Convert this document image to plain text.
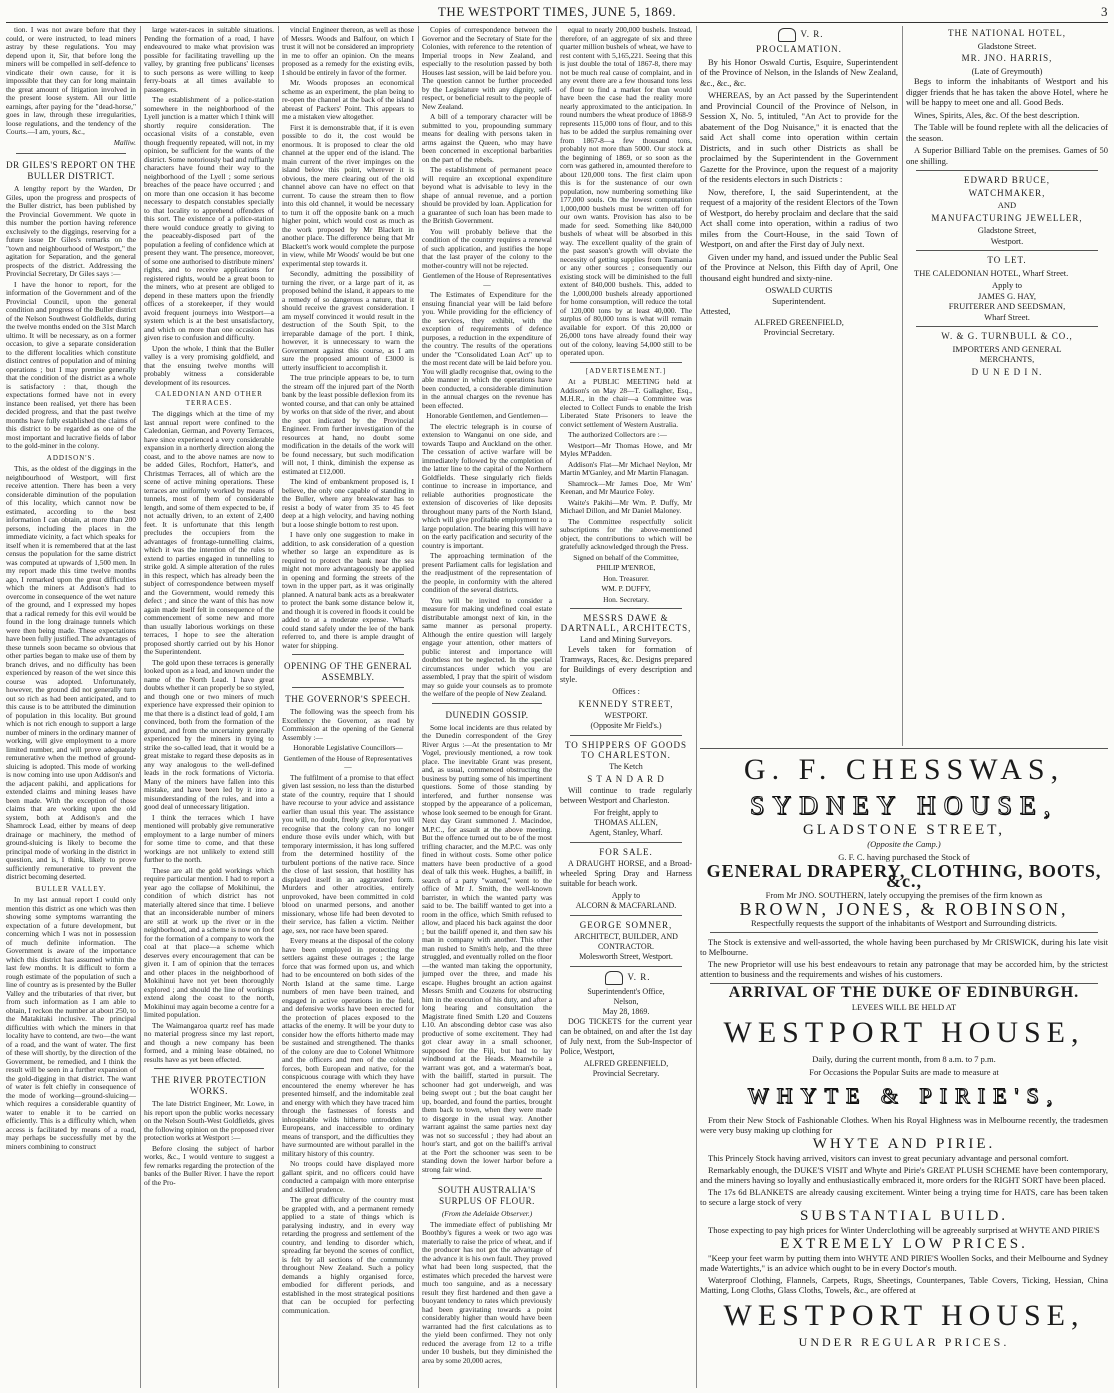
THE WESTPORT TIMES, JUNE 5, 1869.	3

tion. I was not aware before that they could, or were instructed, to lead miners astray by these regulations. You may depend upon it, Sir, that before long the miners will be compelled in self-defence to vindicate their own cause, for it is impossible that they can for long maintain the great amount of litigation involved in the present loose system. All our little earnings, after paying for the "dead-horse," goes in law, through these irregularities, loose regulations, and the tendency of the Courts.—I am, yours, &c.,

Malliw.
DR GILES'S REPORT ON THE BULLER DISTRICT.

A lengthy report by the Warden, Dr Giles, upon the progress and prospects of the Buller district, has been published by the Provincial Government. We quote in this number the portion having reference exclusively to the diggings, reserving for a future issue Dr Giles's remarks on the "town and neighbourhood of Westport," the agitation for Separation, and the general prospects of the district. Addressing the Provincial Secretary, Dr Giles says :—

I have the honor to report, for the information of the Government and of the Provincial Council, upon the general condition and progress of the Buller district of the Nelson Southwest Goldfields, during the twelve months ended on the 31st March ultimo. It will be necessary, as on a former occasion, to give a separate consideration to the different localities which constitute distinct centres of population and of mining operations ; but I may premise generally that the condition of the district as a whole is satisfactory : that, though the expectations formed have not in every instance been realised, yet there has been decided progress, and that the past twelve months have fully established the claims of this district to be regarded as one of the most important and lucrative fields of labor to the gold-miner in the colony.

ADDISON'S.

This, as the oldest of the diggings in the neighbourhood of Westport, will first receive attention. There has been a very considerable diminution of the population of this locality, which cannot now be estimated, according to the best information I can obtain, at more than 200 persons, including the places in the immediate vicinity, a fact which speaks for itself when it is remembered that at the last census the population for the same district was computed at upwards of 1,500 men. In my report made this time twelve months ago, I remarked upon the great difficulties which the miners at Addison's had to overcome in consequence of the wet nature of the ground, and I expressed my hopes that a radical remedy for this evil would be found in the long drainage tunnels which were then being made. These expectations have been fully justified. The advantages of these tunnels soon became so obvious that other parties began to make use of them by branch drives, and no difficulty has been experienced by reason of the wet since this course was adopted. Unfortunately, however, the ground did not generally turn out so rich as had been anticipated, and to this cause is to be attributed the diminution of population in this locality. But ground which is not rich enough to support a large number of miners in the ordinary manner of working, will give employment to a more limited number, and will prove adequately remunerative when the method of ground-sluicing is adopted. This mode of working is now coming into use upon Addison's and the adjacent pakihi, and applications for extended claims and mining leases have been made. With the exception of those claims that are working upon the old system, both at Addison's and the Shamrock Lead, either by means of deep drainage or machinery, the method of ground-sluicing is likely to become the principal mode of working in the district in question, and is, I think, likely to prove sufficiently remunerative to prevent the district becoming deserted.

BULLER VALLEY.

In my last annual report I could only mention this district as one which was then showing some symptoms warranting the expectation of a future development, but concerning which I was not in possession of much definite information. The Government is aware of the importance which this district has assumed within the last few months. It is difficult to form a rough estimate of the population of such a line of country as is presented by the Buller Valley and the tributaries of that river, but from such information as I am able to obtain, I reckon the number at about 250, to the Matakitaki inclusive. The principal difficulties with which the miners in that locality have to contend, are two—the want of a road, and the want of water. The first of these will shortly, by the direction of the Government, be remedied, and I think the result will be seen in a further expansion of the gold-digging in that district. The want of water is felt chiefly in consequence of the mode of working—ground-sluicing—which requires a considerable quantity of water to enable it to be carried on efficiently. This is a difficulty which, when access is facilitated by means of a road, may perhaps be successfully met by the miners combining to construct

large water-races in suitable situations. Pending the formation of a road, I have endeavoured to make what provision was possible for facilitating travelling up the valley, by granting free publicans' licenses to such persons as were willing to keep ferry-boats at all times available to passengers.

The establishment of a police-station somewhere in the neighborhood of the Lyell junction is a matter which I think will shortly require consideration. The occasional visits of a constable, even though frequently repeated, will not, in my opinion, be sufficient for the wants of the district. Some notoriously bad and ruffianly characters have found their way to the neighborhood of the Lyell ; some serious breaches of the peace have occurred ; and on more than one occasion it has become necessary to despatch constables specially to that locality to apprehend offenders of this sort. The existence of a police-station there would conduce greatly to giving to the peaceably-disposed part of the population a feeling of confidence which at present they want. The presence, moreover, of some one authorised to distribute miners' rights, and to receive applications for registered rights, would be a great boon to the miners, who at present are obliged to depend in these matters upon the friendly offices of a storekeeper, if they would avoid frequent journeys into Westport—a system which is at the best unsatisfactory, and which on more than one occasion has given rise to confusion and difficulty.

Upon the whole, I think that the Buller valley is a very promising goldfield, and that the ensuing twelve months will probably witness a considerable development of its resources.

CALEDONIAN AND OTHER TERRACES.

The diggings which at the time of my last annual report were confined to the Caledonian, German, and Poverty Terraces, have since experienced a very considerable expansion in a northerly direction along the coast, and to the above names are now to be added Giles, Rochfort, Hatter's, and Christmas Terraces, all of which are the scene of active mining operations. These terraces are uniformly worked by means of tunnels, most of them of considerable length, and some of them expected to be, if not actually driven, to an extent of 2,400 feet. It is unfortunate that this length precludes the occupiers from the advantages of frontage-tunnelling claims, which it was the intention of the rules to extend to parties engaged in tunnelling to strike gold. A simple alteration of the rules in this respect, which has already been the subject of correspondence between myself and the Government, would remedy this defect ; and since the want of this has now again made itself felt in consequence of the commencement of some new and more than usually laborious workings on these terraces, I hope to see the alteration proposed shortly carried out by his Honor the Superintendent.

The gold upon these terraces is generally looked upon as a lead, and known under the name of the North Lead. I have great doubts whether it can properly be so styled, and though one or two miners of much experience have expressed their opinion to me that there is a distinct lead of gold, I am convinced, both from the formation of the ground, and from the uncertainty generally experienced by the miners in trying to strike the so-called lead, that it would be a great mistake to regard these deposits as in any way analogous to the well-defined leads in the rock formations of Victoria. Many of the miners have fallen into this mistake, and have been led by it into a misunderstanding of the rules, and into a good deal of unnecessary litigation.

I think the terraces which I have mentioned will probably give remunerative employment to a large number of miners for some time to come, and that these workings are not unlikely to extend still further to the north.

These are all the gold workings which require particular mention. I had to report a year ago the collapse of Mokihinui, the condition of which district has not materially altered since that time. I believe that an inconsiderable number of miners are still at work up the river or in the neighborhood, and a scheme is now on foot for the formation of a company to work the coal at that place—a scheme which deserves every encouragement that can be given it. I am of opinion that the terraces and other places in the neighborhood of Mokihinui have not yet been thoroughly explored ; and should the line of workings extend along the coast to the north, Mokihinui may again become a centre for a limited population.

The Waimangaroa quartz reef has made no material progress since my last report, and though a new company has been formed, and a mining lease obtained, no results have as yet been effected.

THE RIVER PROTECTION WORKS.

The late District Engineer, Mr. Lowe, in his report upon the public works necessary on the Nelson South-West Goldfields, gives the following opinion on the proposed river protection works at Westport :—

Before closing the subject of harbor works, &c., I would venture to suggest a few remarks regarding the protection of the banks of the Buller River. I have the report of the Pro-

vincial Engineer thereon, as well as those of Messrs. Woods and Balfour, on which I trust it will not be considered an impropriety in me to offer an opinion. On the means proposed as a remedy for the existing evils, I should be entirely in favor of the former.

Mr. Woods proposes an economical scheme as an experiment, the plan being to re-open the channel at the back of the island abreast of Packers' Point. This appears to me a mistaken view altogether.

First it is demonstrable that, if it is even possible to do it, the cost would be enormous. It is proposed to clear the old channel at the upper end of the island. The main current of the river impinges on the island below this point, wherever it is obvious, the mere clearing out of the old channel above can have no effect on that current. To cause the stream then to flow into this old channel, it would be necessary to turn it off the opposite bank on a much higher point, which would cost as much as the work proposed by Mr Blackett in another place. The difference being that Mr Blackett's work would complete the purpose in view, while Mr Woods' would be but one experimental step towards it.

Secondly, admitting the possibility of turning the river, or a large part of it, as proposed behind the island, it appears to me a remedy of so dangerous a nature, that it should receive the gravest consideration. I am myself convinced it would result in the destruction of the South Spit, to the irreparable damage of the port. I think, however, it is unnecessary to warn the Government against this course, as I am sure the proposed amount of £3000 is utterly insufficient to accomplish it.

The true principle appears to be, to turn the stream off the injured part of the North bank by the least possible deflexion from its wonted course, and that can only be attained by works on that side of the river, and about the spot indicated by the Provincial Engineer. From further investigation of the resources at hand, no doubt some modification in the details of the work will be found necessary, but such modification will not, I think, diminish the expense as estimated at £12,000.

The kind of embankment proposed is, I believe, the only one capable of standing in the Buller, where any breakwater has to resist a body of water from 35 to 45 feet deep at a high velocity, and having nothing but a loose shingle bottom to rest upon.

I have only one suggestion to make in addition, to ask consideration of a question whether so large an expenditure as is required to protect the bank near the sea might not more advantageously be applied in opening and forming the streets of the town in the upper part, as it was originally planned. A natural bank acts as a breakwater to protect the bank some distance below it, and though it is covered in floods it could be added to at a moderate expense. Wharfs could stand safely under the lee of the bank referred to, and there is ample draught of water for shipping.

OPENING OF THE GENERAL ASSEMBLY.
THE GOVERNOR'S SPEECH.

The following was the speech from his Excellency the Governor, as read by Commission at the opening of the General Assembly :—

Honorable Legislative Councillors—

Gentlemen of the House of Representatives—

The fulfilment of a promise to that effect given last session, no less than the disturbed state of the country, require that I should have recourse to your advice and assistance earlier than usual this year. The assistance you will, no doubt, freely give, for you will recognise that the colony can no longer endure those evils under which, with but temporary intermission, it has long suffered from the determined hostility of the turbulent portions of the native race. Since the close of last session, that hostility has displayed itself in an aggravated form. Murders and other atrocities, entirely unprovoked, have been committed in cold blood on unarmed persons, and another missionary, whose life had been devoted to their service, has fallen a victim. Neither age, sex, nor race have been spared.

Every means at the disposal of the colony have been employed in protecting the settlers against these outrages ; the large force that was formed upon us, and which had to be encountered on both sides of the North Island at the same time. Large numbers of men have been trained, and engaged in active operations in the field, and defensive works have been erected for the protection of places exposed to the attacks of the enemy. It will be your duty to consider how the efforts hitherto made may be sustained and strengthened. The thanks of the colony are due to Colonel Whitmore and the officers and men of the colonial forces, both European and native, for the conspicuous courage with which they have encountered the enemy wherever he has presented himself, and the indomitable zeal and energy with which they have traced him through the fastnesses of forests and inhospitable wilds hitherto untrodden by Europeans, and inaccessible to ordinary means of transport, and the difficulties they have surmounted are without parallel in the military history of this country.

No troops could have displayed more gallant spirit, and no officers could have conducted a campaign with more enterprise and skilled prudence.

The great difficulty of the country must be grappled with, and a permanent remedy applied to a state of things which is paralysing industry, and in every way retarding the progress and settlement of the country, and lending to disorder which, spreading far beyond the scenes of conflict, is felt by all sections of the community throughout New Zealand. Such a policy demands a highly organised force, embodied for different periods, and established in the most strategical positions that can be occupied for perfecting communication.

Copies of correspondence between the Governor and the Secretary of State for the Colonies, with reference to the retention of Imperial troops in New Zealand, and especially to the resolution passed by both Houses last session, will be laid before you. The question cannot be further proceeded by the Legislature with any dignity, self-respect, or beneficial result to the people of New Zealand.

A bill of a temporary character will be submitted to you, propounding summary means for dealing with persons taken in arms against the Queen, who may have been concerned in exceptional barbarities on the part of the rebels.

The establishment of permanent peace will require an exceptional expenditure beyond what is advisable to levy in the shape of annual revenue, and a portion should be provided by loan. Application for a guarantee of such loan has been made to the British Government.

You will probably believe that the condition of the country requires a renewal of such application, and justifies the hope that the last prayer of the colony to the mother-country will not be rejected.

Gentlemen of the House of Representatives—

The Estimates of Expenditure for the ensuing financial year will be laid before you. While providing for the efficiency of the services, they exhibit, with the exception of requirements of defence purposes, a reduction in the expenditure of the country. The results of the operations under the "Consolidated Loan Act" up to the most recent date will be laid before you. You will gladly recognise that, owing to the able manner in which the operations have been conducted, a considerable diminution in the annual charges on the revenue has been effected.

Honorable Gentlemen, and Gentlemen—

The electric telegraph is in course of extension to Wanganui on one side, and towards Taupo and Auckland on the other. The cessation of active warfare will be immediately followed by the completion of the latter line to the capital of the Northern Goldfields. These singularly rich fields continue to increase in importance, and reliable authorities prognosticate the extension of discoveries of like deposits throughout many parts of the North Island, which will give profitable employment to a large population. The bearing this will have on the early pacification and security of the country is important.

The approaching termination of the present Parliament calls for legislation and the readjustment of the representation of the people, in conformity with the altered condition of the several districts.

You will be invited to consider a measure for making undefined coal estate distributable amongst next of kin, in the same manner as personal property. Although the entire question will largely engage your attention, other matters of public interest and importance will doubtless not be neglected. In the special circumstances under which you are assembled, I pray that the spirit of wisdom may so guide your counsels as to promote the welfare of the people of New Zealand.

DUNEDIN GOSSIP.

Some local incidents are thus related by the Dunedin correspondent of the Grey River Argus :—At the presentation to Mr Vogel, previously mentioned, a row took place. The inevitable Grant was present, and, as usual, commenced obstructing the business by putting some of his impertinent questions. Some of those standing by interfered, and further nonsense was stopped by the appearance of a policeman, whose look seemed to be enough for Grant. Next day Grant summoned J. Macindoe, M.P.C., for assault at the above meeting. But the offence turned out to be of the most trifling character, and the M.P.C. was only fined in without costs. Some other police matters have been productive of a good deal of talk this week. Hughes, a bailiff, in search of a party "wanted," went to the office of Mr J. Smith, the well-known barrister, in which the wanted party was said to be. The bailiff wanted to get into a room in the office, which Smith refused to allow, and placed his back against the door ; but the bailiff opened it, and then saw his man in company with another. This other man rushed to Smith's help, and the three struggled, and eventually rolled on the floor—the wanted man taking the opportunity, jumped over the three, and made his escape. Hughes brought an action against Messrs Smith and Couzens for obstructing him in the execution of his duty, and after a long hearing and consultation the Magistrate fined Smith L20 and Couzens L10. An absconding debtor case was also productive of some excitement. They had got clear away in a small schooner, supposed for the Fiji, but had to lay windbound at the Heads. Meanwhile a warrant was got, and a waterman's boat, with the bailiff, started in pursuit. The schooner had got underweigh, and was being swept out ; but the boat caught her up, boarded, and found the parties, brought them back to town, when they were made to disgorge in the usual way. Another warrant against the same parties next day was not so successful ; they had about an hour's start, and got on the bailiff's arrival at the Port the schooner was seen to be standing down the lower harbor before a strong fair wind.

SOUTH AUSTRALIA'S SURPLUS OF FLOUR.

(From the Adelaide Observer.)

The immediate effect of publishing Mr Boothby's figures a week or two ago was materially to raise the price of wheat, and if the producer has not got the advantage of the advance it is his own fault. They proved what had been long suspected, that the estimates which preceded the harvest were much too sanguine, and as a necessary result they first hardened and then gave a buoyant tendency to rates which previously had been gravitating towards a point considerably higher than would have been warranted had the first calculations as to the yield been confirmed. They not only reduced the average from 12 to a trifle under 10 bushels, but they diminished the area by some 20,000 acres,

equal to nearly 200,000 bushels. Instead, therefore, of an aggregate of six and three quarter million bushels of wheat, we have to rest content with 5,165,221. Seeing that this is just double the total of 1867-8, there may not be much real cause of complaint, and in any event there are a few thousand tons less of flour to find a market for than would have been the case had the reality more nearly approximated to the anticipation. In round numbers the wheat produce of 1868-9 represents 115,000 tons of flour, and to this has to be added the surplus remaining over from 1867-8—a few thousand tons, probably not more than 5000. Our stock at the beginning of 1869, or so soon as the corn was gathered in, amounted therefore to about 120,000 tons. The first claim upon this is for the sustenance of our own population, now numbering something like 177,000 souls. On the lowest computation 1,000,000 bushels must be written off for our own wants. Provision has also to be made for seed. Something like 840,000 bushels of wheat will be absorbed in this way. The excellent quality of the grain of the past season's growth will obviate the necessity of getting supplies from Tasmania or any other sources ; consequently our existing stock will be diminished to the full extent of 840,000 bushels. This, added to the 1,000,000 bushels already apportioned for home consumption, will reduce the total of 120,000 tons by at least 40,000. The surplus of 80,000 tons is what will remain available for export. Of this 20,000 or 26,000 tons have already found their way out of the colony, leaving 54,000 still to be operated upon.

[ADVERTISEMENT.]

At a PUBLIC MEETING held at Addison's on May 28—T. Gallagher, Esq., M.H.R., in the chair—a Committee was elected to Collect Funds to enable the Irish Liberated State Prisoners to leave the convict settlement of Western Australia.

The authorized Collectors are :—

Westport—Mr Thomas Howe, and Mr Myles M'Padden.

Addison's Flat—Mr Michael Neylon, Mr Martin M'Ganley, and Mr Martin Flanagan.

Shamrock—Mr James Doe, Mr Wm' Keenan, and Mr Maurice Foley.

Waite's Pakihi—Mr Wm. P. Duffy, Mr Michael Dillon, and Mr Daniel Maloney.

The Committee respectfully solicit subscriptions for the above-mentioned object, the contributions to which will be gratefully acknowledged through the Press.

Signed on behalf of the Committee,

PHILIP M'ENROE,

Hon. Treasurer.

WM. P. DUFFY,

Hon. Secretary.

MESSRS DAWE & DARTNALL, ARCHITECTS,
Land and Mining Surveyors.

Levels taken for formation of Tramways, Races, &c. Designs prepared for Buildings of every description and style.

Offices :
KENNEDY STREET,
WESTPORT.
(Opposite Mr Field's.)
TO SHIPPERS OF GOODS TO CHARLESTON.
The Ketch
S T A N D A R D

Will continue to trade regularly between Westport and Charleston.

For freight, apply to
THOMAS ALLEN,
Agent, Stanley, Wharf.
FOR SALE.

A DRAUGHT HORSE, and a Broad-wheeled Spring Dray and Harness suitable for beach work.

Apply to
ALCORN & MACFARLAND.
GEORGE SOMNER,
ARCHITECT, BUILDER, AND CONTRACTOR.
Molesworth Street, Westport.
V. R.
Superintendent's Office,
Nelson,
May 28, 1869.

DOG TICKETS for the current year can be obtained, on and after the 1st day of July next, from the Sub-Inspector of Police, Westport,

ALFRED GREENFIELD,
Provincial Secretary.
V. R.
PROCLAMATION.

By his Honor Oswald Curtis, Esquire, Superintendent of the Province of Nelson, in the Islands of New Zealand, &c., &c., &c.

WHEREAS, by an Act passed by the Superintendent and Provincial Council of the Province of Nelson, in Session X, No. 5, intituled, "An Act to provide for the abatement of the Dog Nuisance," it is enacted that the said Act shall come into operation within certain Districts, and in such other Districts as shall be proclaimed by the Superintendent in the Government Gazette for the Province, upon the request of a majority of the residents electors in such Districts :

Now, therefore, I, the said Superintendent, at the request of a majority of the resident Electors of the Town of Westport, do hereby proclaim and declare that the said Act shall come into operation, within a radius of two miles from the Court-House, in the said Town of Westport, on and after the First day of July next.

Given under my hand, and issued under the Public Seal of the Province at Nelson, this Fifth day of April, One thousand eight hundred and sixty-nine.

OSWALD CURTIS
Superintendent.
Attested,
ALFRED GREENFIELD,
Provincial Secretary.
THE NATIONAL HOTEL,
Gladstone Street.
MR. JNO. HARRIS,
(Late of Greymouth)

Begs to inform the inhabitants of Westport and his digger friends that he has taken the above Hotel, where he will be happy to meet one and all. Good Beds.

Wines, Spirits, Ales, &c. Of the best description.

The Table will be found replete with all the delicacies of the season.

A Superior Billiard Table on the premises. Games of 50 one shilling.

EDWARD BRUCE,
WATCHMAKER,
AND
MANUFACTURING JEWELLER,
Gladstone Street,
Westport.
TO LET.

THE CALEDONIAN HOTEL, Wharf Street.

Apply to
JAMES G. HAY,
FRUITERER AND SEEDSMAN,
Wharf Street.
W. & G. TURNBULL & CO.,
IMPORTERS AND GENERAL
MERCHANTS,
D U N E D I N.
G. F. CHESSWAS,
SYDNEY HOUSE,
GLADSTONE STREET,
(Opposite the Camp.)
G. F. C. having purchased the Stock of
GENERAL DRAPERY, CLOTHING, BOOTS, &c.,
From Mr JNO. SOUTHERN, lately occupying the premises of the firm known as
BROWN, JONES, & ROBINSON,
Respectfully requests the support of the inhabitants of Westport and Surrounding districts.

The Stock is extensive and well-assorted, the whole having been purchased by Mr CRISWICK, during his late visit to Melbourne.

The new Proprietor will use his best endeavours to retain any patronage that may be accorded him, by the strictest attention to business and the requirements and wishes of his customers.

ARRIVAL OF THE DUKE OF EDINBURGH.
LEVEES WILL BE HELD AT
WESTPORT HOUSE,
Daily, during the current month, from 8 a.m. to 7 p.m.
For Occasions the Popular Suits are made to measure at
WHYTE & PIRIE'S,

From their New Stock of Fashionable Clothes. When his Royal Highness was in Melbourne recently, the tradesmen were very busy making up clothing for

WHYTE AND PIRIE.

This Princely Stock having arrived, visitors can invest to great pecuniary advantage and personal comfort.

Remarkably enough, the DUKE'S VISIT and Whyte and Pirie's GREAT PLUSH SCHEME have been contemporary, and the miners having so loyally and enthusiastically embraced it, more orders for the RIGHT SORT have been placed.

The 17s 6d BLANKETS are already causing excitement. Winter being a trying time for HATS, care has been taken to secure a large stock of very

SUBSTANTIAL BUILD.

Those expecting to pay high prices for Winter Underclothing will be agreeably surprised at WHYTE AND PIRIE'S

EXTREMELY LOW PRICES.

"Keep your feet warm by putting them into WHYTE AND PIRIE'S Woollen Socks, and their Melbourne and Sydney made Watertights," is an advice which ought to be in every Doctor's mouth.

Waterproof Clothing, Flannels, Carpets, Rugs, Sheetings, Counterpanes, Table Covers, Ticking, Hessian, China Matting, Long Cloths, Glass Cloths, Towels, &c., are offered at

WESTPORT HOUSE,
UNDER REGULAR PRICES.
